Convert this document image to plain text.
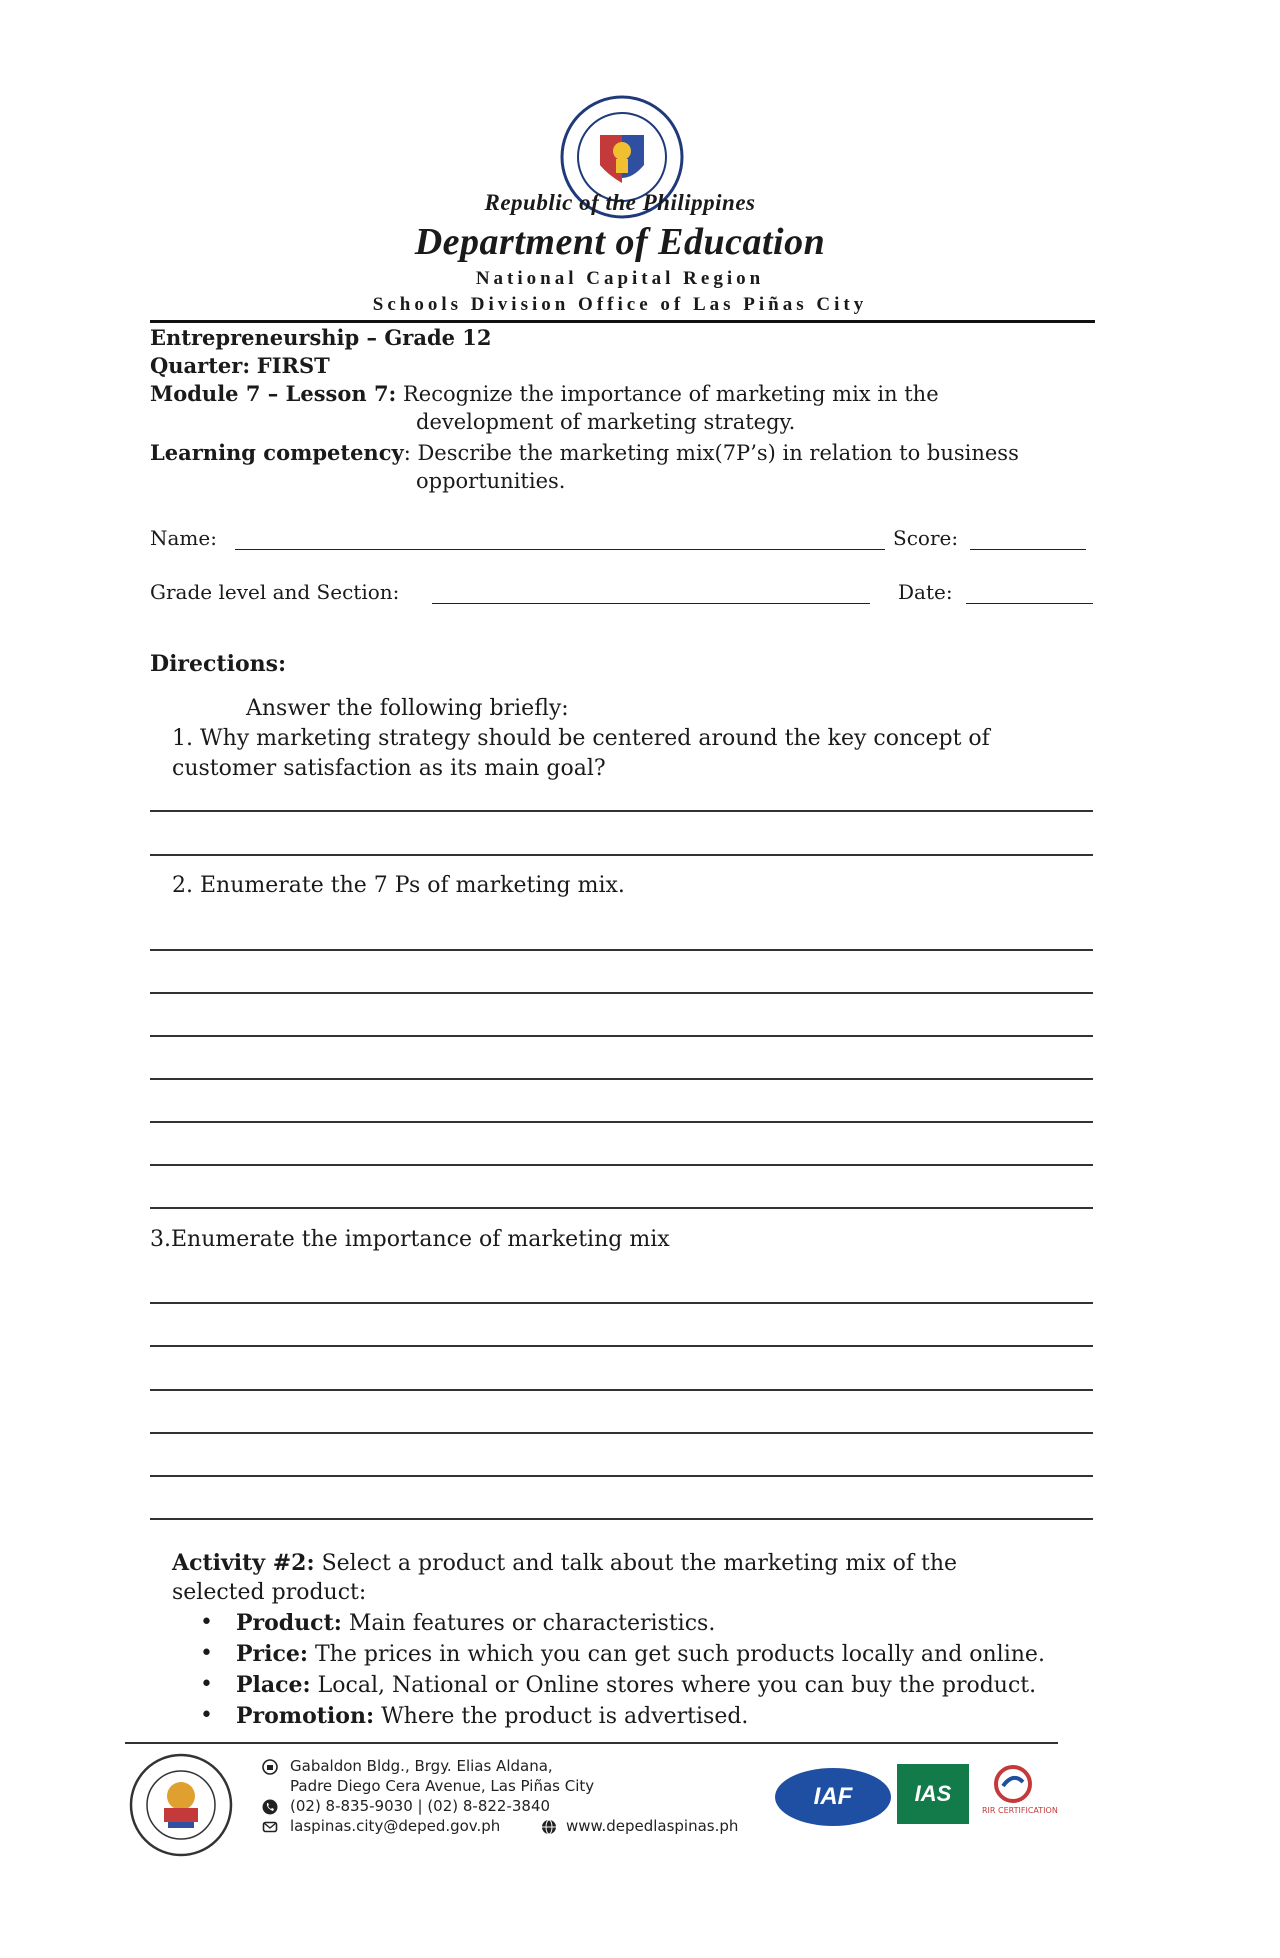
Republic of the Philippines
Department of Education
National Capital Region
Schools Division Office of Las Piñas City
Entrepreneurship – Grade 12
Quarter: FIRST
Module 7 – Lesson 7: Recognize the importance of marketing mix in the
development of marketing strategy.
Learning competency: Describe the marketing mix(7P’s) in relation to business
opportunities.
Name:	Score:
Grade level and Section:	Date:
Directions:
Answer the following briefly:
1. Why marketing strategy should be centered around the key concept of
customer satisfaction as its main goal?
2. Enumerate the 7 Ps of marketing mix.
3.Enumerate the importance of marketing mix
Activity #2: Select a product and talk about the marketing mix of the
selected product:
• Product: Main features or characteristics.
• Price: The prices in which you can get such products locally and online.
• Place: Local, National or Online stores where you can buy the product.
• Promotion: Where the product is advertised.
Gabaldon Bldg., Brgy. Elias Aldana,
Padre Diego Cera Avenue, Las Piñas City
(02) 8-835-9030 | (02) 8-822-3840
laspinas.city@deped.gov.ph	www.depedlaspinas.ph
IAF	IAS
RIR CERTIFICATION
